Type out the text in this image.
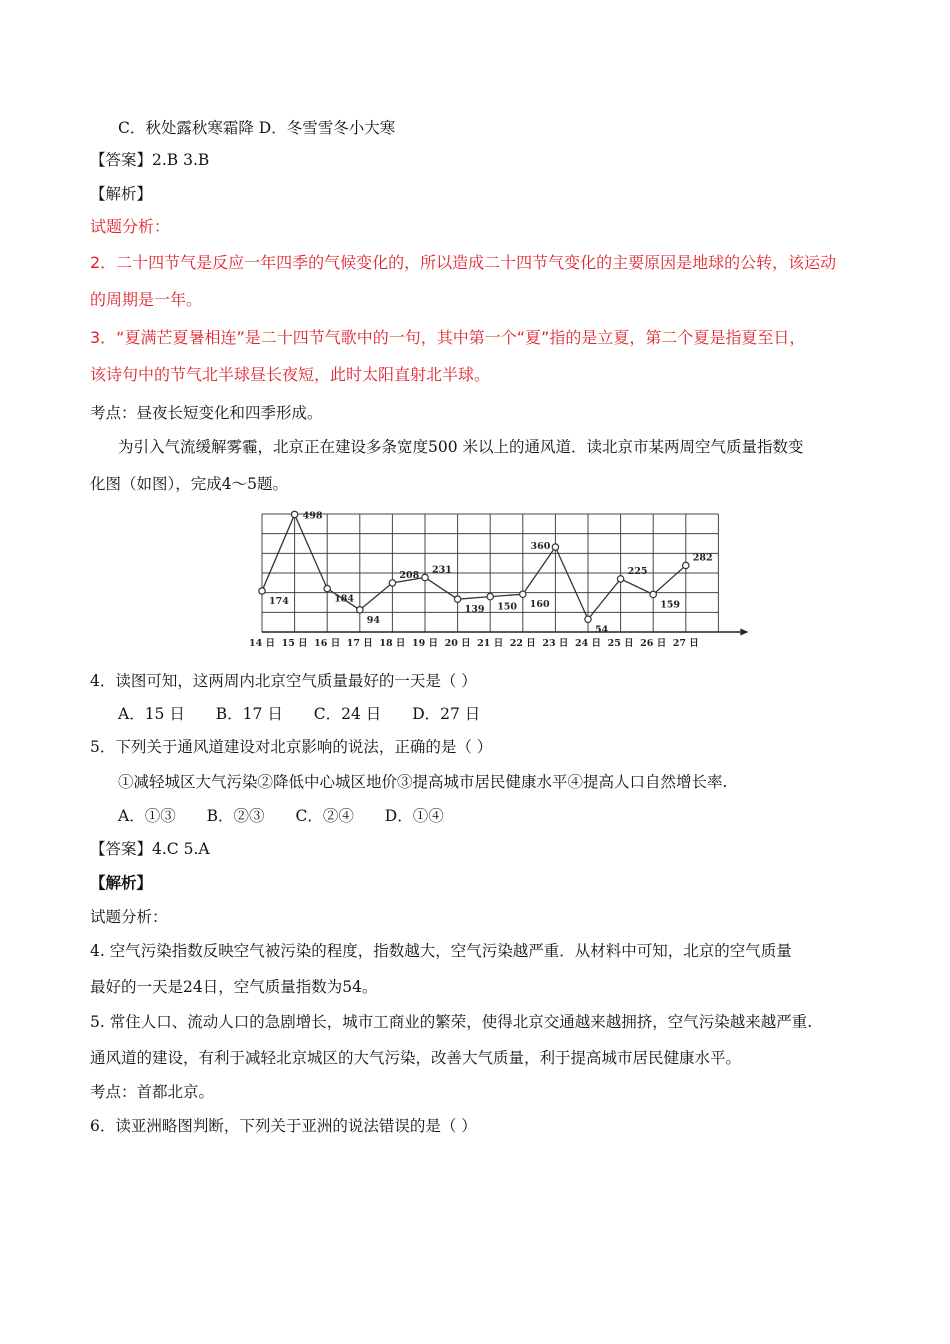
C．秋处露秋寒霜降 D．冬雪雪冬小大寒
【答案】2.B 3.B
【解析】
试题分析：
2．二十四节气是反应一年四季的气候变化的，所以造成二十四节气变化的主要原因是地球的公转，该运动
的周期是一年。
3．“夏满芒夏暑相连”是二十四节气歌中的一句，其中第一个“夏”指的是立夏，第二个夏是指夏至日，
该诗句中的节气北半球昼长夜短，此时太阳直射北半球。
考点：昼夜长短变化和四季形成。
为引入气流缓解雾霾，北京正在建设多条宽度500 米以上的通风道．读北京市某两周空气质量指数变
化图（如图），完成4～5题。
174
498
184
94
208 231
139 150 160
360
54
225
159
282
14 日 15 日 16 日 17 日 18 日 19 日 20 日 21 日 22 日 23 日 24 日 25 日 26 日 27 日
4．读图可知，这两周内北京空气质量最好的一天是（ ）
A．15 日 B．17 日 C．24 日 D．27 日
5．下列关于通风道建设对北京影响的说法，正确的是（ ）
①减轻城区大气污染②降低中心城区地价③提高城市居民健康水平④提高人口自然增长率.
A．①③ B．②③ C．②④ D．①④
【答案】4.C 5.A
【解析】
试题分析：
4. 空气污染指数反映空气被污染的程度，指数越大，空气污染越严重．从材料中可知，北京的空气质量
最好的一天是24日，空气质量指数为54。
5. 常住人口、流动人口的急剧增长，城市工商业的繁荣，使得北京交通越来越拥挤，空气污染越来越严重.
通风道的建设，有利于减轻北京城区的大气污染，改善大气质量，利于提高城市居民健康水平。
考点：首都北京。
6．读亚洲略图判断，下列关于亚洲的说法错误的是（ ）
